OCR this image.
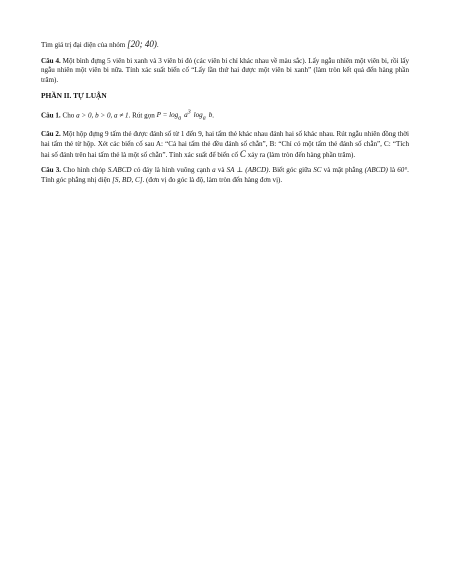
Tìm giá trị đại diện của nhóm [20; 40).

Câu 4. Một bình đựng 5 viên bi xanh và 3 viên bi đỏ (các viên bi chỉ khác nhau về màu sắc). Lấy ngẫu nhiên một viên bi, rồi lấy ngẫu nhiên một viên bi nữa. Tính xác suất biến cố “Lấy lần thứ hai được một viên bi xanh” (làm tròn kết quả đến hàng phần trăm).

PHẦN II. TỰ LUẬN

Câu 1. Cho a > 0, b > 0, a ≠ 1. Rút gọn $P = \log_a a^3$ $\log_a b$.

Câu 2. Một hộp đựng 9 tấm thẻ được đánh số từ 1 đến 9, hai tấm thẻ khác nhau đánh hai số khác nhau. Rút ngẫu nhiên đồng thời hai tấm thẻ từ hộp. Xét các biến cố sau A: “Cả hai tấm thẻ đều đánh số chẵn”, B: “Chỉ có một tấm thẻ đánh số chẵn”, C: “Tích hai số đánh trên hai tấm thẻ là một số chẵn”. Tính xác suất để biến cố C xảy ra (làm tròn đến hàng phần trăm).

Câu 3. Cho hình chóp S.ABCD có đáy là hình vuông cạnh a và SA ⊥ (ABCD). Biết góc giữa SC và mặt phẳng (ABCD) là 60°. Tính góc phẳng nhị diện [S, BD, C]. (đơn vị đo góc là độ, làm tròn đến hàng đơn vị).
